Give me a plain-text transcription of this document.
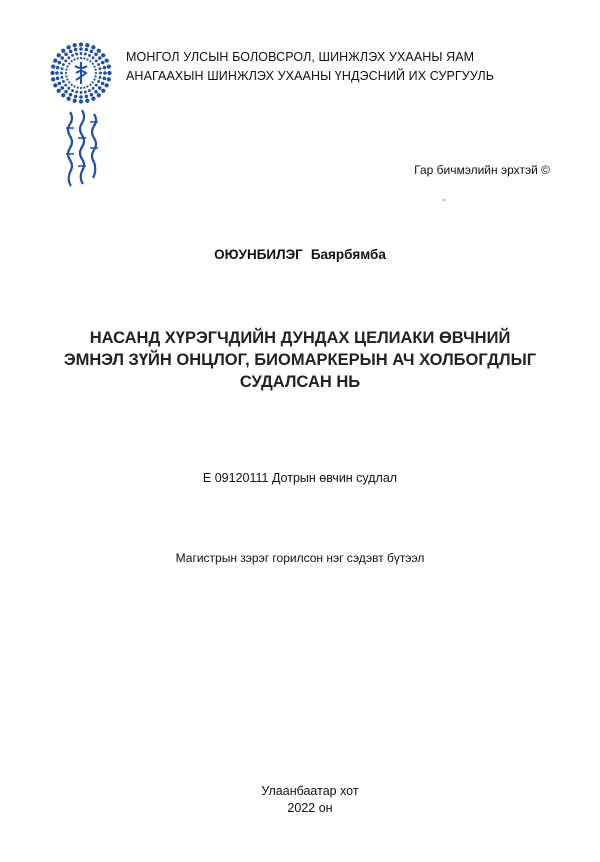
МОНГОЛ УЛСЫН БОЛОВСРОЛ, ШИНЖЛЭХ УХААНЫ ЯАМ
АНАГААХЫН ШИНЖЛЭХ УХААНЫ ҮНДЭСНИЙ ИХ СУРГУУЛЬ
Гар бичмэлийн эрхтэй ©
ОЮУНБИЛЭГ Баярбямба
НАСАНД ХҮРЭГЧДИЙН ДУНДАХ ЦЕЛИАКИ ӨВЧНИЙ
ЭМНЭЛ ЗҮЙН ОНЦЛОГ, БИОМАРКЕРЫН АЧ ХОЛБОГДЛЫГ
СУДАЛСАН НЬ
Е 09120111 Дотрын өвчин судлал
Магистрын зэрэг горилсон нэг сэдэвт бүтээл
Улаанбаатар хот
2022 он
